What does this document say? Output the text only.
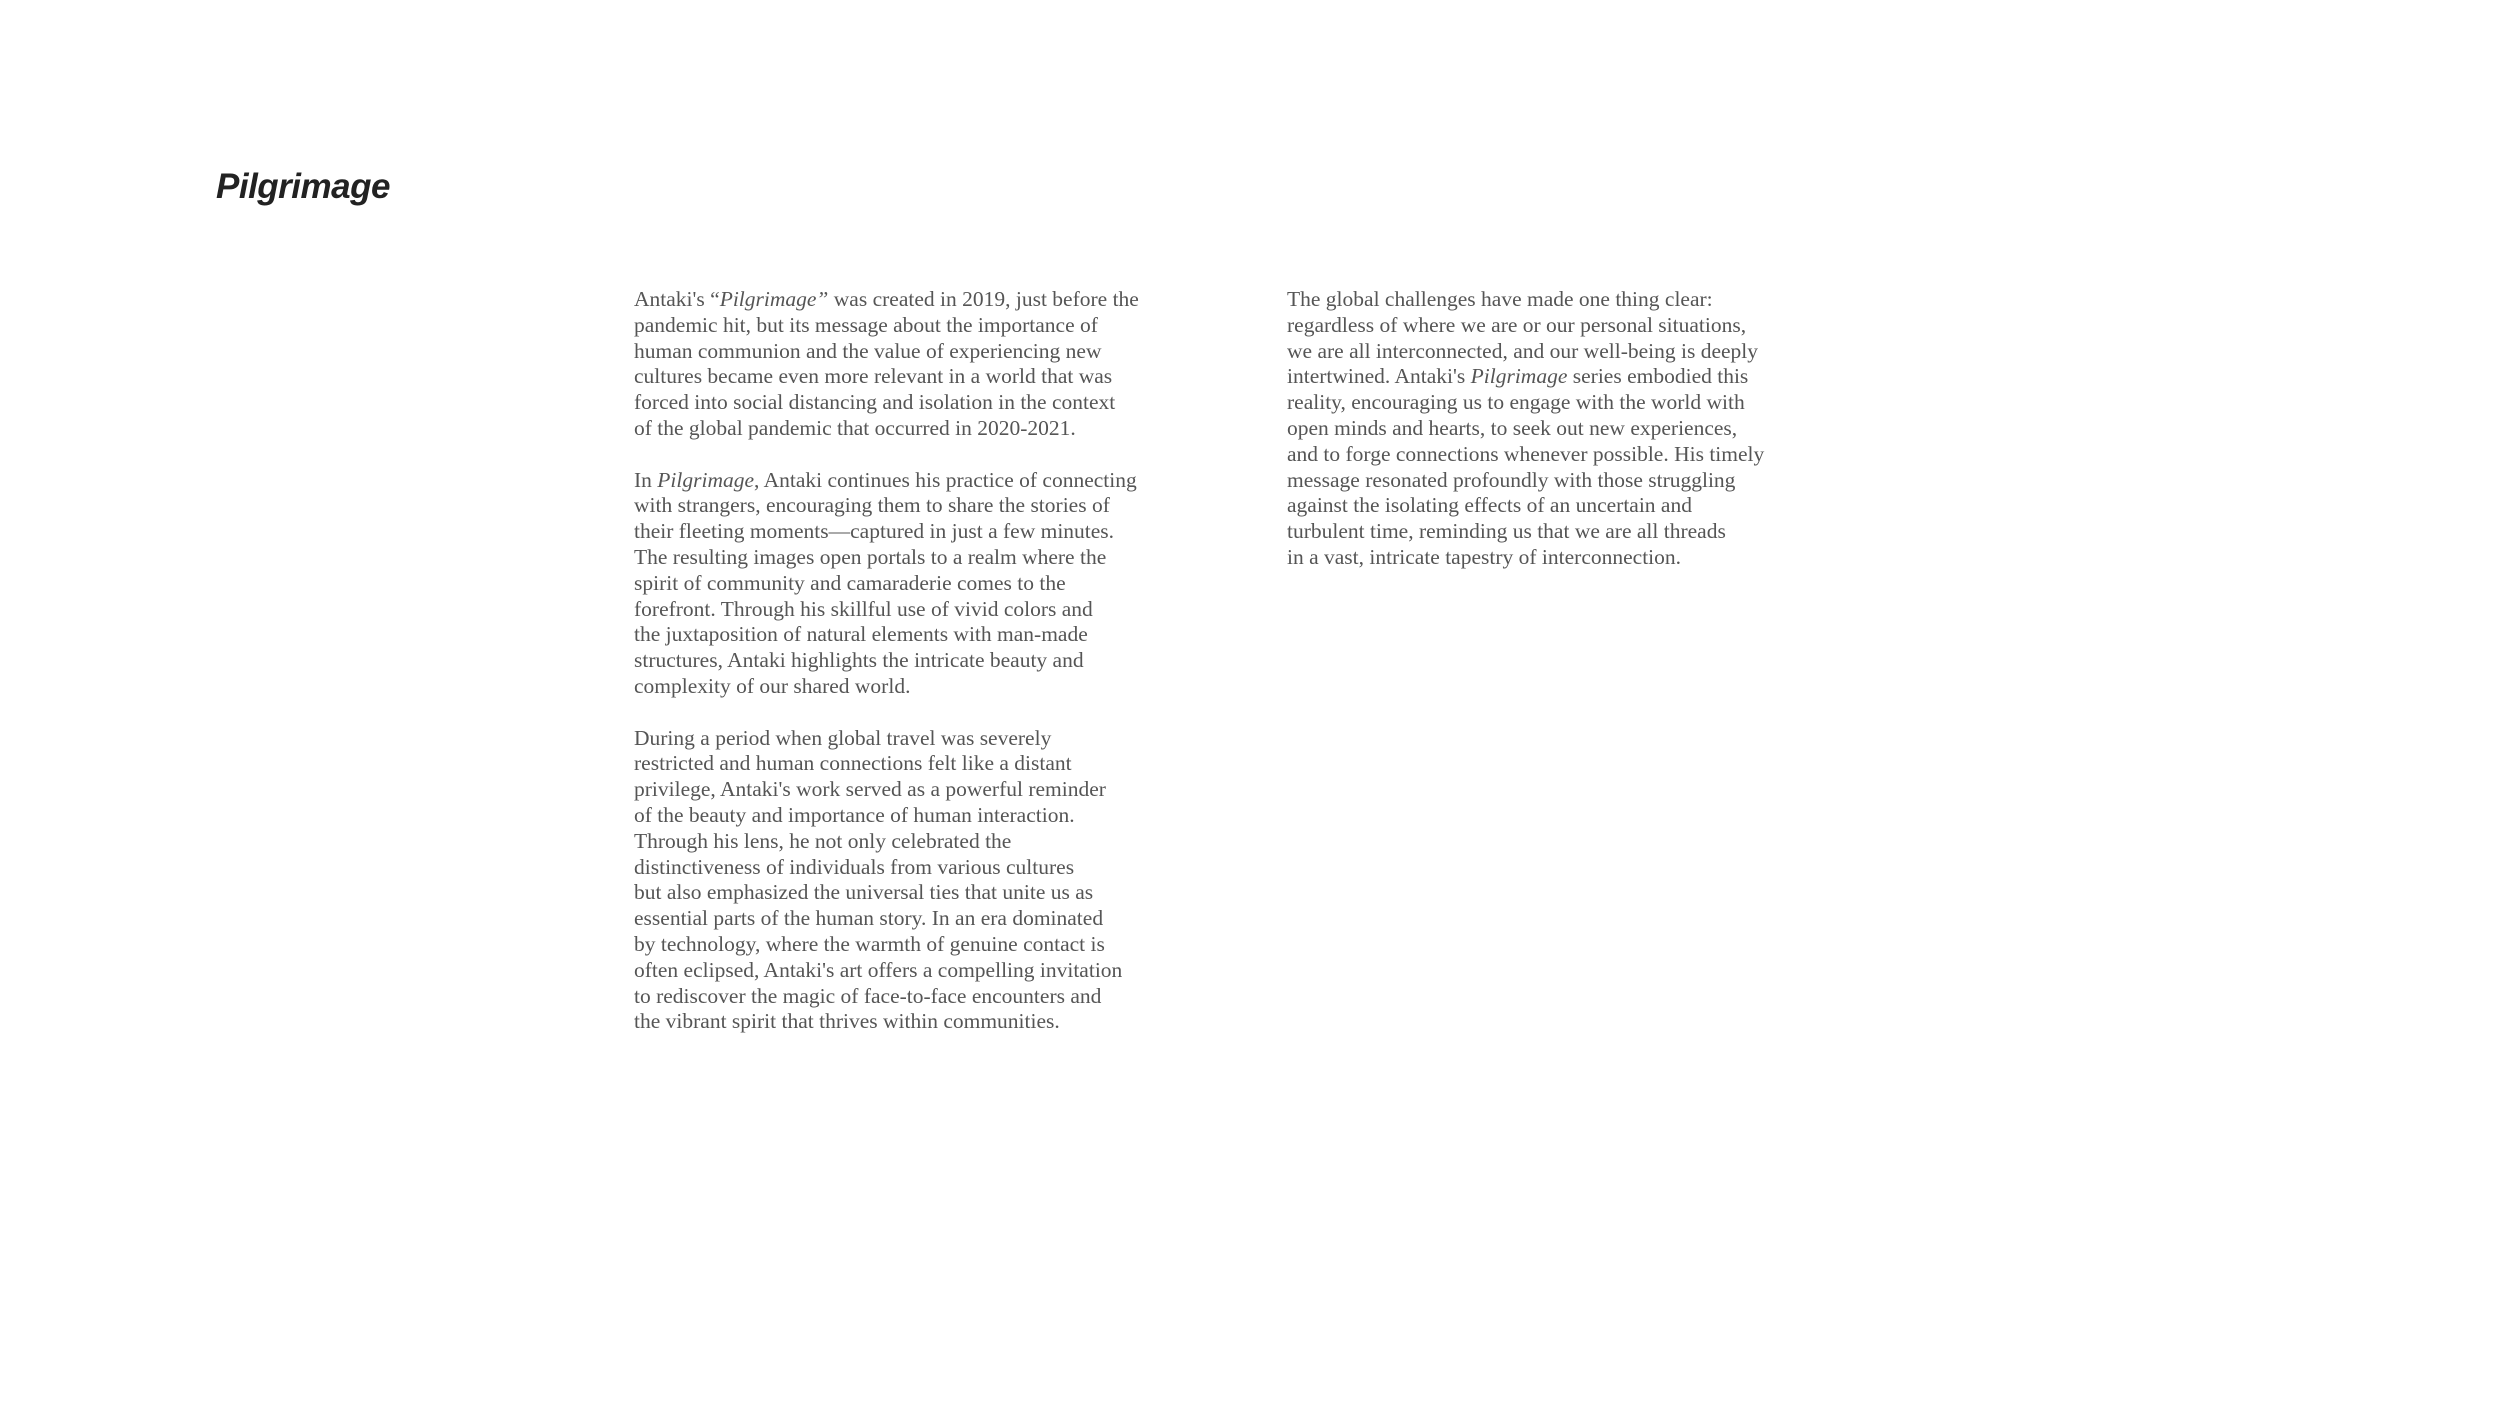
Pilgrimage

Antaki's “Pilgrimage” was created in 2019, just before the
pandemic hit, but its message about the importance of
human communion and the value of experiencing new
cultures became even more relevant in a world that was
forced into social distancing and isolation in the context
of the global pandemic that occurred in 2020-2021.

In Pilgrimage, Antaki continues his practice of connecting
with strangers, encouraging them to share the stories of
their fleeting moments—captured in just a few minutes.
The resulting images open portals to a realm where the
spirit of community and camaraderie comes to the
forefront. Through his skillful use of vivid colors and
the juxtaposition of natural elements with man-made
structures, Antaki highlights the intricate beauty and
complexity of our shared world.

During a period when global travel was severely
restricted and human connections felt like a distant
privilege, Antaki's work served as a powerful reminder
of the beauty and importance of human interaction.
Through his lens, he not only celebrated the
distinctiveness of individuals from various cultures
but also emphasized the universal ties that unite us as
essential parts of the human story. In an era dominated
by technology, where the warmth of genuine contact is
often eclipsed, Antaki's art offers a compelling invitation
to rediscover the magic of face-to-face encounters and
the vibrant spirit that thrives within communities.

The global challenges have made one thing clear:
regardless of where we are or our personal situations,
we are all interconnected, and our well-being is deeply
intertwined. Antaki's Pilgrimage series embodied this
reality, encouraging us to engage with the world with
open minds and hearts, to seek out new experiences,
and to forge connections whenever possible. His timely
message resonated profoundly with those struggling
against the isolating effects of an uncertain and
turbulent time, reminding us that we are all threads
in a vast, intricate tapestry of interconnection.
